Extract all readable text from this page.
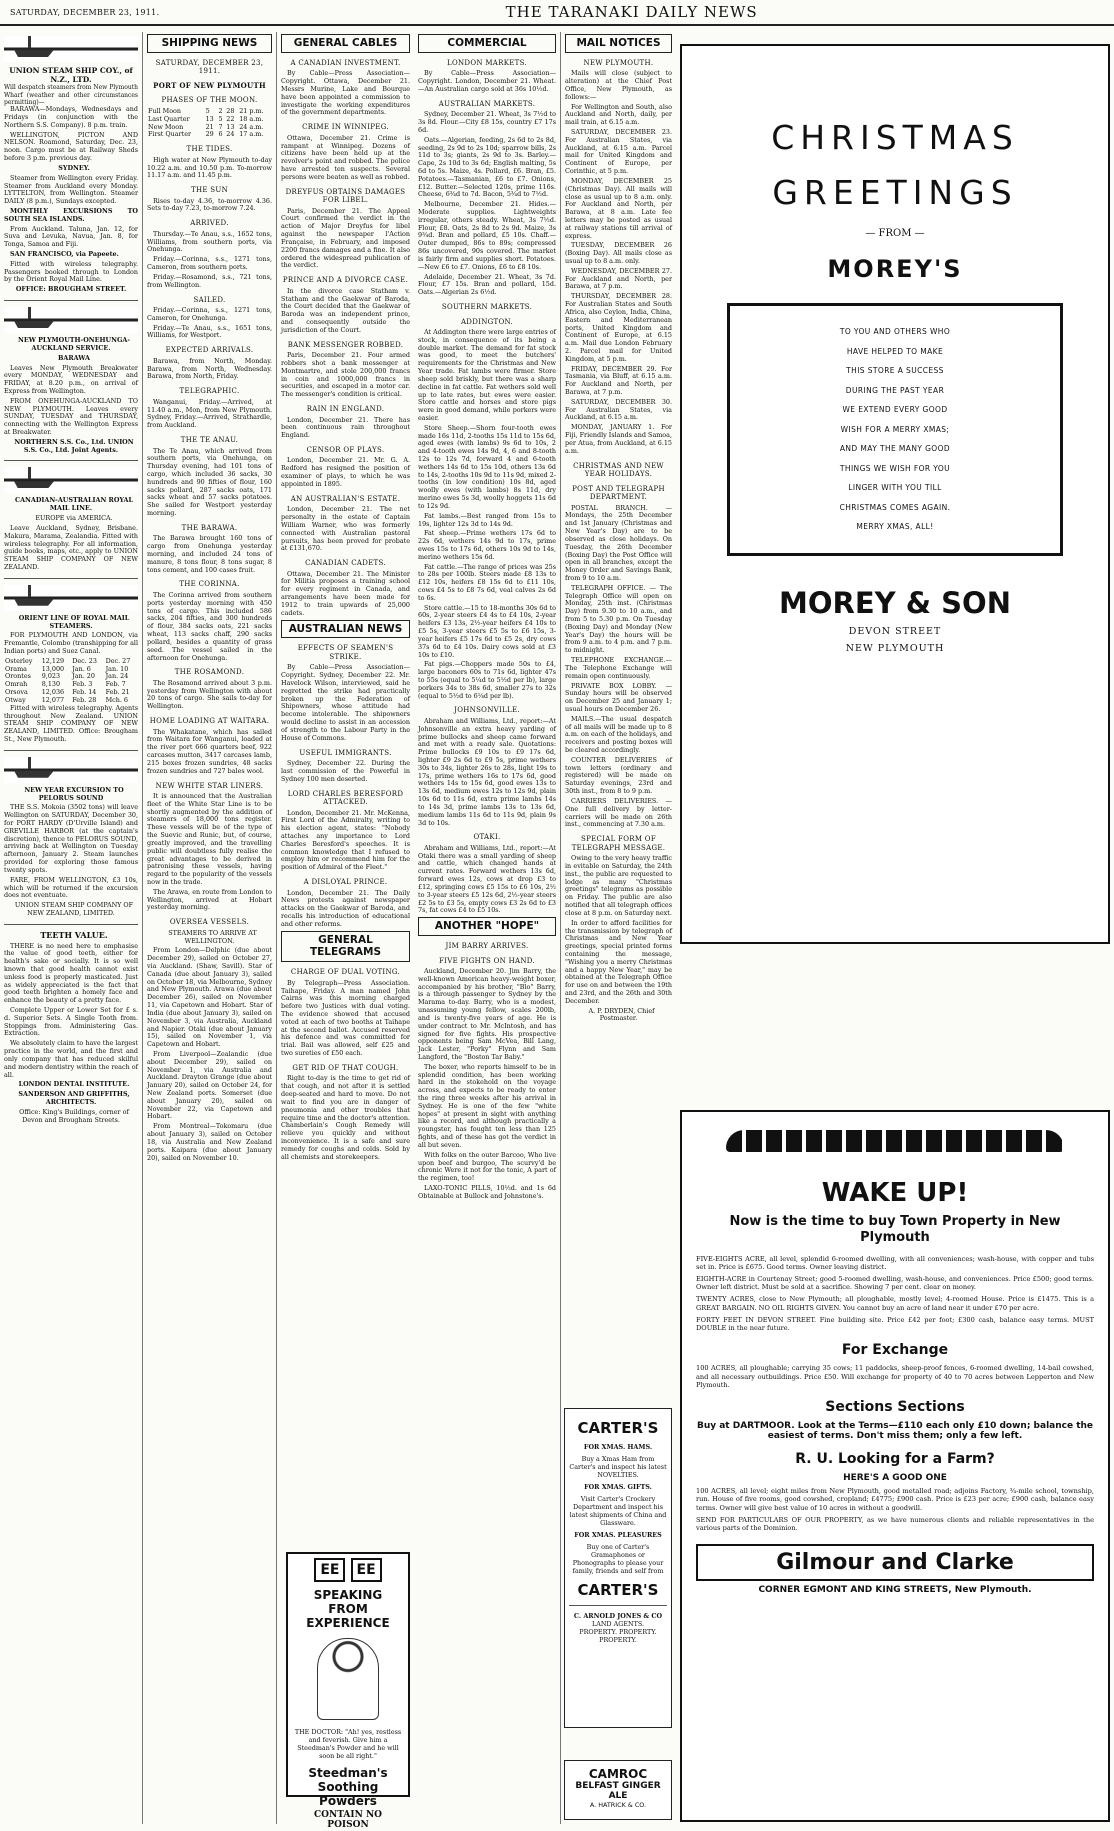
SATURDAY, DECEMBER 23, 1911.	THE TARANAKI DAILY NEWS
UNION STEAM SHIP COY., of N.Z., LTD.
Will despatch steamers from New Plymouth Wharf (weather and other circumstances permitting)—

BARAWA—Mondays, Wednesdays and Fridays (in conjunction with the Northern S.S. Company). 8 p.m. train.

WELLINGTON, PICTON AND NELSON. Roamond, Saturday, Dec. 23, noon. Cargo must be at Railway Sheds before 3 p.m. previous day.

SYDNEY.

Steamer from Wellington every Friday. Steamer from Auckland every Monday. LYTTELTON, from Wellington. Steamer DAILY (8 p.m.), Sundays excepted.

MONTHLY EXCURSIONS TO SOUTH SEA ISLANDS.

From Auckland. Taluna, Jan. 12, for Suva and Levuka, Navua, Jan. 8, for Tonga, Samoa and Fiji.

SAN FRANCISCO, via Papeete.

Fitted with wireless telegraphy. Passengers booked through to London by the Orient Royal Mail Line.

OFFICE: BROUGHAM STREET.

NEW PLYMOUTH-ONEHUNGA-AUCKLAND SERVICE.

BARAWA

Leaves New Plymouth Breakwater every MONDAY, WEDNESDAY and FRIDAY, at 8.20 p.m., on arrival of Express from Wellington.

FROM ONEHUNGA-AUCKLAND TO NEW PLYMOUTH. Leaves every SUNDAY, TUESDAY and THURSDAY, connecting with the Wellington Express at Breakwater.

NORTHERN S.S. Co., Ltd. UNION S.S. Co., Ltd. Joint Agents.

CANADIAN-AUSTRALIAN ROYAL MAIL LINE.

EUROPE via AMERICA.

Leave Auckland, Sydney, Brisbane. Makura, Marama, Zealandia. Fitted with wireless telegraphy. For all information, guide books, maps, etc., apply to UNION STEAM SHIP COMPANY OF NEW ZEALAND.

ORIENT LINE OF ROYAL MAIL STEAMERS.

FOR PLYMOUTH AND LONDON, via Fremantle, Colombo (transhipping for all Indian ports) and Suez Canal.

Osterley	12,129	Dec. 23	Dec. 27
Orama	13,000	Jan. 6	Jan. 10
Orontes	9,023	Jan. 20	Jan. 24
Omrah	8,130	Feb. 3	Feb. 7
Orsova	12,036	Feb. 14	Feb. 21
Otway	12,077	Feb. 28	Mch. 6

Fitted with wireless telegraphy. Agents throughout New Zealand. UNION STEAM SHIP COMPANY OF NEW ZEALAND, LIMITED. Office: Brougham St., New Plymouth.

NEW YEAR EXCURSION TO PELORUS SOUND

THE S.S. Mokoia (3502 tons) will leave Wellington on SATURDAY, December 30, for PORT HARDY (D'Urville Island) and GREVILLE HARBOR (at the captain's discretion), thence to PELORUS SOUND, arriving back at Wellington on Tuesday afternoon, January 2. Steam launches provided for exploring those famous twenty spots.

FARE, FROM WELLINGTON, £3 10s, which will be returned if the excursion does not eventuate.

UNION STEAM SHIP COMPANY OF NEW ZEALAND, LIMITED.

TEETH VALUE.

THERE is no need here to emphasise the value of good teeth, either for health's sake or socially. It is so well known that good health cannot exist unless food is properly masticated. Just as widely appreciated is the fact that good teeth brighten a homely face and enhance the beauty of a pretty face.

Complete Upper or Lower Set for £ s. d. Superior Sets. A Single Tooth from. Stoppings from. Administering Gas. Extraction.

We absolutely claim to have the largest practice in the world, and the first and only company that has reduced skilful and modern dentistry within the reach of all.

LONDON DENTAL INSTITUTE.

SANDERSON AND GRIFFITHS, ARCHITECTS.

Office: King's Buildings, corner of Devon and Brougham Streets.

SHIPPING NEWS
SATURDAY, DECEMBER 23, 1911.
PORT OF NEW PLYMOUTH
PHASES OF THE MOON.
Full Moon	5	2	28	21 p.m.
Last Quarter	13	5	22	18 a.m.
New Moon	21	7	13	24 a.m.
First Quarter	29	6	24	17 a.m.
THE TIDES.

High water at New Plymouth to-day 10.22 a.m. and 10.50 p.m. To-morrow 11.17 a.m. and 11.45 p.m.

THE SUN

Rises to-day 4.36, to-morrow 4.36. Sets to-day 7.23, to-morrow 7.24.

ARRIVED.

Thursday.—Te Anau, s.s., 1652 tons, Williams, from southern ports, via Onehunga.

Friday.—Corinna, s.s., 1271 tons, Cameron, from southern ports.

Friday.—Rosamond, s.s., 721 tons, from Wellington.

SAILED.

Friday.—Corinna, s.s., 1271 tons, Cameron, for Onehunga.

Friday.—Te Anau, s.s., 1651 tons, Williams, for Westport.

EXPECTED ARRIVALS.

Barawa, from North, Monday. Barawa, from North, Wednesday. Barawa, from North, Friday.

TELEGRAPHIC.

Wanganui, Friday.—Arrived, at 11.40 a.m., Mon, from New Plymouth. Sydney, Friday.—Arrived, Strathardle, from Auckland.

THE TE ANAU.

The Te Anau, which arrived from southern ports, via Onehunga, on Thursday evening, had 101 tons of cargo, which included 36 sacks, 30 hundreds and 90 fifties of flour, 160 sacks pollard, 287 sacks oats, 171 sacks wheat and 57 sacks potatoes. She sailed for Westport yesterday morning.

THE BARAWA.

The Barawa brought 160 tons of cargo from Onehunga yesterday morning, and included 24 tons of manure, 8 tons flour, 8 tons sugar, 8 tons cement, and 100 cases fruit.

THE CORINNA.

The Corinna arrived from southern ports yesterday morning with 450 tons of cargo. This included 586 sacks, 204 fifties, and 300 hundreds of flour, 384 sacks oats, 221 sacks wheat, 113 sacks chaff, 290 sacks pollard, besides a quantity of grass seed. The vessel sailed in the afternoon for Onehunga.

THE ROSAMOND.

The Rosamond arrived about 3 p.m. yesterday from Wellington with about 20 tons of cargo. She sails to-day for Wellington.

HOME LOADING AT WAITARA.

The Whakatane, which has sailed from Waitara for Wanganui, loaded at the river port 666 quarters beef, 922 carcases mutton, 3417 carcases lamb, 215 boxes frozen sundries, 48 sacks frozen sundries and 727 bales wool.

NEW WHITE STAR LINERS.

It is announced that the Australian fleet of the White Star Line is to be shortly augmented by the addition of steamers of 18,000 tons register. These vessels will be of the type of the Suevic and Runic, but, of course, greatly improved, and the travelling public will doubtless fully realise the great advantages to be derived in patronising these vessels, having regard to the popularity of the vessels now in the trade.

The Arawa, en route from London to Wellington, arrived at Hobart yesterday morning.

OVERSEA VESSELS.

STEAMERS TO ARRIVE AT WELLINGTON.

From London—Delphic (due about December 29), sailed on October 27, via Auckland. (Shaw, Savill). Star of Canada (due about January 3), sailed on October 18, via Melbourne, Sydney and New Plymouth. Arawa (due about December 26), sailed on November 11, via Capetown and Hobart. Star of India (due about January 3), sailed on November 3, via Australia, Auckland and Napier. Otaki (due about January 15), sailed on November 1, via Capetown and Hobart.

From Liverpool—Zealandic (due about December 29), sailed on November 1, via Australia and Auckland. Drayton Grange (due about January 20), sailed on October 24, for New Zealand ports. Somerset (due about January 20), sailed on November 22, via Capetown and Hobart.

From Montreal—Tokomaru (due about January 3), sailed on October 18, via Australia and New Zealand ports. Kaipara (due about January 20), sailed on November 10.

GENERAL CABLES
A CANADIAN INVESTMENT.

By Cable—Press Association—Copyright. Ottawa, December 21. Messrs Murine, Lake and Bourque have been appointed a commission to investigate the working expenditures of the government departments.

CRIME IN WINNIPEG.

Ottawa, December 21. Crime is rampant at Winnipeg. Dozens of citizens have been held up at the revolver's point and robbed. The police have arrested ten suspects. Several persons were beaten as well as robbed.

DREYFUS OBTAINS DAMAGES FOR LIBEL.

Paris, December 21. The Appeal Court confirmed the verdict in the action of Major Dreyfus for libel against the newspaper l'Action Française, in February, and imposed 2200 francs damages and a fine. It also ordered the widespread publication of the verdict.

PRINCE AND A DIVORCE CASE.

In the divorce case Statham v. Statham and the Gaekwar of Baroda, the Court decided that the Gaekwar of Baroda was an independent prince, and consequently outside the jurisdiction of the Court.

BANK MESSENGER ROBBED.

Paris, December 21. Four armed robbers shot a bank messenger at Montmartre, and stole 200,000 francs in coin and 1000,000 francs in securities, and escaped in a motor car. The messenger's condition is critical.

RAIN IN ENGLAND.

London, December 21. There has been continuous rain throughout England.

CENSOR OF PLAYS.

London, December 21. Mr. G. A. Redford has resigned the position of examiner of plays, to which he was appointed in 1895.

AN AUSTRALIAN'S ESTATE.

London, December 21. The net personalty in the estate of Captain William Warner, who was formerly connected with Australian pastoral pursuits, has been proved for probate at £131,670.

CANADIAN CADETS.

Ottawa, December 21. The Minister for Militia proposes a training school for every regiment in Canada, and arrangements have been made for 1912 to train upwards of 25,000 cadets.

AUSTRALIAN NEWS
EFFECTS OF SEAMEN'S STRIKE.

By Cable—Press Association—Copyright. Sydney, December 22. Mr. Havelock Wilson, interviewed, said he regretted the strike had practically broken up the Federation of Shipowners, whose attitude had become intolerable. The shipowners would decline to assist in an accession of strength to the Labour Party in the House of Commons.

USEFUL IMMIGRANTS.

Sydney, December 22. During the last commission of the Powerful in Sydney 100 men deserted.

LORD CHARLES BERESFORD ATTACKED.

London, December 21. Mr. McKenna, First Lord of the Admiralty, writing to his election agent, states: "Nobody attaches any importance to Lord Charles Beresford's speeches. It is common knowledge that I refused to employ him or recommend him for the position of Admiral of the Fleet."

A DISLOYAL PRINCE.

London, December 21. The Daily News protests against newspaper attacks on the Gaekwar of Baroda, and recalls his introduction of educational and other reforms.

GENERAL TELEGRAMS
CHARGE OF DUAL VOTING.

By Telegraph—Press Association. Taihape, Friday. A man named John Cairns was this morning charged before two Justices with dual voting. The evidence showed that accused voted at each of two booths at Taihape at the second ballot. Accused reserved his defence and was committed for trial. Bail was allowed, self £25 and two sureties of £50 each.

GET RID OF THAT COUGH.

Right to-day is the time to get rid of that cough, and not after it is settled deep-seated and hard to move. Do not wait to find you are in danger of pneumonia and other troubles that require time and the doctor's attention. Chamberlain's Cough Remedy will relieve you quickly and without inconvenience. It is a safe and sure remedy for coughs and colds. Sold by all chemists and storekeepers.

EE EE
SPEAKING FROM EXPERIENCE
THE DOCTOR: "Ah! yes, restless and feverish. Give him a Steedman's Powder and he will soon be all right."
Steedman's Soothing Powders
CONTAIN NO POISON
COMMERCIAL
LONDON MARKETS.

By Cable—Press Association—Copyright. London, December 21. Wheat.—An Australian cargo sold at 36s 10½d.

AUSTRALIAN MARKETS.

Sydney, December 21. Wheat, 3s 7½d to 3s 8d. Flour.—City £8 15s, country £7 17s 6d.

Oats.—Algerian, feeding, 2s 6d to 2s 8d, seeding, 2s 9d to 2s 10d; sparrow bills, 2s 11d to 3s; giants, 2s 9d to 3s. Barley.—Cape, 2s 10d to 3s 6d; English malting, 5s 6d to 5s. Maize, 4s. Pollard, £6. Bran, £5. Potatoes.—Tasmanian, £6 to £7. Onions, £12. Butter.—Selected 120s, prime 116s. Cheese, 6¾d to 7d. Bacon, 5¾d to 7½d.

Melbourne, December 21. Hides.—Moderate supplies. Lightweights irregular, others steady. Wheat, 3s 7½d. Flour, £8. Oats, 2s 8d to 2s 9d. Maize, 3s 9¾d. Bran and pollard, £5 10s. Chaff.—Outer dumped, 86s to 89s; compressed 86s uncovered, 90s covered. The market is fairly firm and supplies short. Potatoes.—New £6 to £7. Onions, £6 to £8 10s.

Adelaide, December 21. Wheat, 3s 7d. Flour, £7 15s. Bran and pollard, 15d. Oats.—Algerian 2s 6½d.

SOUTHERN MARKETS.
ADDINGTON.

At Addington there were large entries of stock, in consequence of its being a double market. The demand for fat stock was good, to meet the butchers' requirements for the Christmas and New Year trade. Fat lambs were firmer. Store sheep sold briskly, but there was a sharp decline in fat cattle. Fat wethers sold well up to late rates, but ewes were easier. Store cattle and horses and store pigs were in good demand, while porkers were easier.

Store Sheep.—Shorn four-tooth ewes made 16s 11d, 2-tooths 15s 11d to 15s 6d, aged ewes (with lambs) 9s 6d to 10s, 2 and 4-tooth ewes 14s 9d, 4, 6 and 8-tooth 12s to 12s 7d, forward 4 and 6-tooth wethers 14s 6d to 15s 10d, others 13s 6d to 14s, 2-tooths 10s 9d to 11s 9d, mixed 2-tooths (in low condition) 10s 8d, aged woolly ewes (with lambs) 8s 11d, dry merino ewes 5s 3d, woolly hoggets 11s 6d to 12s 9d.

Fat lambs.—Best ranged from 15s to 19s, lighter 12s 3d to 14s 9d.

Fat sheep.—Prime wethers 17s 6d to 22s 6d, wethers 14s 9d to 17s, prime ewes 15s to 17s 6d, others 10s 9d to 14s, merino wethers 15s 6d.

Fat cattle.—The range of prices was 25s to 28s per 100lb. Steers made £8 13s to £12 10s, heifers £8 15s 6d to £11 10s, cows £4 5s to £8 7s 6d, veal calves 2s 6d to 6s.

Store cattle.—15 to 18-months 30s 6d to 60s, 2-year steers £4 4s to £4 10s, 2-year heifers £3 13s, 2½-year heifers £4 10s to £5 5s, 3-year steers £5 5s to £6 15s, 3-year heifers £5 17s 6d to £5 2s, dry cows 37s 6d to £4 10s. Dairy cows sold at £3 10s to £10.

Fat pigs.—Choppers made 50s to £4, large baconers 60s to 71s 6d, lighter 47s to 55s (equal to 5¼d to 5½d per lb), large porkers 34s to 38s 6d, smaller 27s to 32s (equal to 5½d to 6¼d per lb).

JOHNSONVILLE.

Abraham and Williams, Ltd., report:—At Johnsonville an extra heavy yarding of prime bullocks and sheep came forward and met with a ready sale. Quotations: Prime bullocks £9 10s to £9 17s 6d, lighter £9 2s 6d to £9 5s, prime wethers 30s to 34s, lighter 26s to 28s, light 19s to 17s, prime wethers 16s to 17s 6d, good wethers 14s to 15s 6d, good ewes 13s to 13s 6d, medium ewes 12s to 12s 9d, plain 10s 6d to 11s 6d, extra prime lambs 14s to 14s 3d, prime lambs 13s to 13s 6d, medium lambs 11s 6d to 11s 9d, plain 9s 3d to 10s.

OTAKI.

Abraham and Williams, Ltd., report:—At Otaki there was a small yarding of sheep and cattle, which changed hands at current rates. Forward wethers 13s 6d, forward ewes 12s, cows at drop £3 to £12, springing cows £5 15s to £6 10s, 2½ to 3-year steers £5 12s 6d, 2½-year steers £2 5s to £3 5s, empty cows £3 2s 6d to £3 7s, fat cows £4 to £5 10s.

ANOTHER "HOPE"
JIM BARRY ARRIVES.
FIVE FIGHTS ON HAND.

Auckland, December 20. Jim Barry, the well-known American heavy-weight boxer, accompanied by his brother, "Blo" Barry, is a through passenger to Sydney by the Marama to-day. Barry, who is a modest, unassuming young fellow, scales 200lb, and is twenty-five years of age. He is under contract to Mr. McIntosh, and has signed for five fights. His prospective opponents being Sam McVea, Bill Lang, Jack Lester, "Porky" Flynn and Sam Langford, the "Boston Tar Baby."

The boxer, who reports himself to be in splendid condition, has been working hard in the stokehold on the voyage across, and expects to be ready to enter the ring three weeks after his arrival in Sydney. He is one of the few "white hopes" at present in sight with anything like a record, and although practically a youngster, has fought ten less than 125 fights, and of these has got the verdict in all but seven.

With folks on the outer Barcoo, Who live upon beef and burgoo, The scurvy'd be chronic Were it not for the tonic, A part of the regimen, too!

LAXO-TONIC PILLS, 10½d. and 1s 6d Obtainable at Bullock and Johnstone's.

MAIL NOTICES
NEW PLYMOUTH.

Mails will close (subject to alteration) at the Chief Post Office, New Plymouth, as follows:—

For Wellington and South, also Auckland and North, daily, per mail train, at 6.15 a.m.

SATURDAY, DECEMBER 23. For Australian States, via Auckland, at 6.15 a.m. Parcel mail for United Kingdom and Continent of Europe, per Corinthic, at 5 p.m.

MONDAY, DECEMBER 25 (Christmas Day). All mails will close as usual up to 8 a.m. only. For Auckland and North, per Barawa, at 8 a.m. Late fee letters may be posted as usual at railway stations till arrival of express.

TUESDAY, DECEMBER 26 (Boxing Day). All mails close as usual up to 8 a.m. only.

WEDNESDAY, DECEMBER 27. For Auckland and North, per Barawa, at 7 p.m.

THURSDAY, DECEMBER 28. For Australian States and South Africa, also Ceylon, India, China, Eastern and Mediterranean ports, United Kingdom and Continent of Europe, at 6.15 a.m. Mail due London February 2. Parcel mail for United Kingdom, at 5 p.m.

FRIDAY, DECEMBER 29. For Tasmania, via Bluff, at 6.15 a.m. For Auckland and North, per Barawa, at 7 p.m.

SATURDAY, DECEMBER 30. For Australian States, via Auckland, at 6.15 a.m.

MONDAY, JANUARY 1. For Fiji, Friendly Islands and Samoa, per Atua, from Auckland, at 6.15 a.m.

CHRISTMAS AND NEW YEAR HOLIDAYS.
POST AND TELEGRAPH DEPARTMENT.

POSTAL BRANCH. — Mondays, the 25th December and 1st January (Christmas and New Year's Day) are to be observed as close holidays. On Tuesday, the 26th December (Boxing Day) the Post Office will open in all branches, except the Money Order and Savings Bank, from 9 to 10 a.m.

TELEGRAPH OFFICE. — The Telegraph Office will open on Monday, 25th inst. (Christmas Day) from 9.30 to 10 a.m., and from 5 to 5.30 p.m. On Tuesday (Boxing Day) and Monday (New Year's Day) the hours will be from 9 a.m. to 4 p.m. and 7 p.m. to midnight.

TELEPHONE EXCHANGE.—The Telephone Exchange will remain open continuously.

PRIVATE BOX LOBBY. — Sunday hours will be observed on December 25 and January 1; usual hours on December 26.

MAILS.—The usual despatch of all mails will be made up to 8 a.m. on each of the holidays, and receivers and posting boxes will be cleared accordingly.

COUNTER DELIVERIES of town letters (ordinary and registered) will be made on Saturday evenings, 23rd and 30th inst., from 8 to 9 p.m.

CARRIERS DELIVERIES. — One full delivery by letter-carriers will be made on 26th inst., commencing at 7.30 a.m.

SPECIAL FORM OF TELEGRAPH MESSAGE.

Owing to the very heavy traffic in evitable on Saturday, the 24th inst., the public are requested to lodge as many "Christmas greetings" telegrams as possible on Friday. The public are also notified that all telegraph offices close at 8 p.m. on Saturday next.

In order to afford facilities for the transmission by telegraph of Christmas and New Year greetings, special printed forms containing the message, "Wishing you a merry Christmas and a happy New Year," may be obtained at the Telegraph Office for use on and between the 19th and 23rd, and the 26th and 30th December.

A. P. DRYDEN, Chief Postmaster.

CARTER'S
FOR XMAS. HAMS.
Buy a Xmas Ham from Carter's and inspect his latest NOVELTIES.
FOR XMAS. GIFTS.
Visit Carter's Crockery Department and inspect his latest shipments of China and Glassware.
FOR XMAS. PLEASURES
Buy one of Carter's Gramaphones or Phonographs to please your family, friends and self from
CARTER'S
C. ARNOLD JONES & CO
LAND AGENTS.
PROPERTY. PROPERTY. PROPERTY.
CAMROC
BELFAST GINGER ALE
A. HATRICK & CO.
CHRISTMAS
GREETINGS
— FROM —
MOREY'S
TO YOU AND OTHERS WHO
HAVE HELPED TO MAKE
THIS STORE A SUCCESS
DURING THE PAST YEAR
WE EXTEND EVERY GOOD
WISH FOR A MERRY XMAS;
AND MAY THE MANY GOOD
THINGS WE WISH FOR YOU
LINGER WITH YOU TILL
CHRISTMAS COMES AGAIN.
MERRY XMAS, ALL!
MOREY & SON
DEVON STREET
NEW PLYMOUTH
WAKE UP!
Now is the time to buy Town Property in New Plymouth
FIVE-EIGHTS ACRE, all level, splendid 6-roomed dwelling, with all conveniences; wash-house, with copper and tubs set in. Price is £675. Good terms. Owner leaving district.
EIGHTH-ACRE in Courtenay Street; good 5-roomed dwelling, wash-house, and conveniences. Price £500; good terms. Owner left district. Must be sold at a sacrifice. Showing 7 per cent. clear on money.
TWENTY ACRES, close to New Plymouth; all ploughable, mostly level; 4-roomed House. Price is £1475. This is a GREAT BARGAIN. NO OIL RIGHTS GIVEN. You cannot buy an acre of land near it under £70 per acre.
FORTY FEET IN DEVON STREET. Fine building site. Price £42 per foot; £300 cash, balance easy terms. MUST DOUBLE in the near future.
For Exchange
100 ACRES, all ploughable; carrying 35 cows; 11 paddocks, sheep-proof fences, 6-roomed dwelling, 14-bail cowshed, and all necessary outbuildings. Price £50. Will exchange for property of 40 to 70 acres between Lepperton and New Plymouth.
Sections Sections
Buy at DARTMOOR. Look at the Terms—£110 each only £10 down; balance the easiest of terms. Don't miss them; only a few left.
R. U. Looking for a Farm?
HERE'S A GOOD ONE
100 ACRES, all level; eight miles from New Plymouth, good metalled road; adjoins Factory, ¾-mile school, township, run. House of five rooms, good cowshed, cropland; £4775; £900 cash. Price is £23 per acre; £900 cash, balance easy terms. Owner will give best value of 10 acres in without a goodwill.
SEND FOR PARTICULARS OF OUR PROPERTY, as we have numerous clients and reliable representatives in the various parts of the Dominion.
Gilmour and Clarke
CORNER EGMONT AND KING STREETS, New Plymouth.
